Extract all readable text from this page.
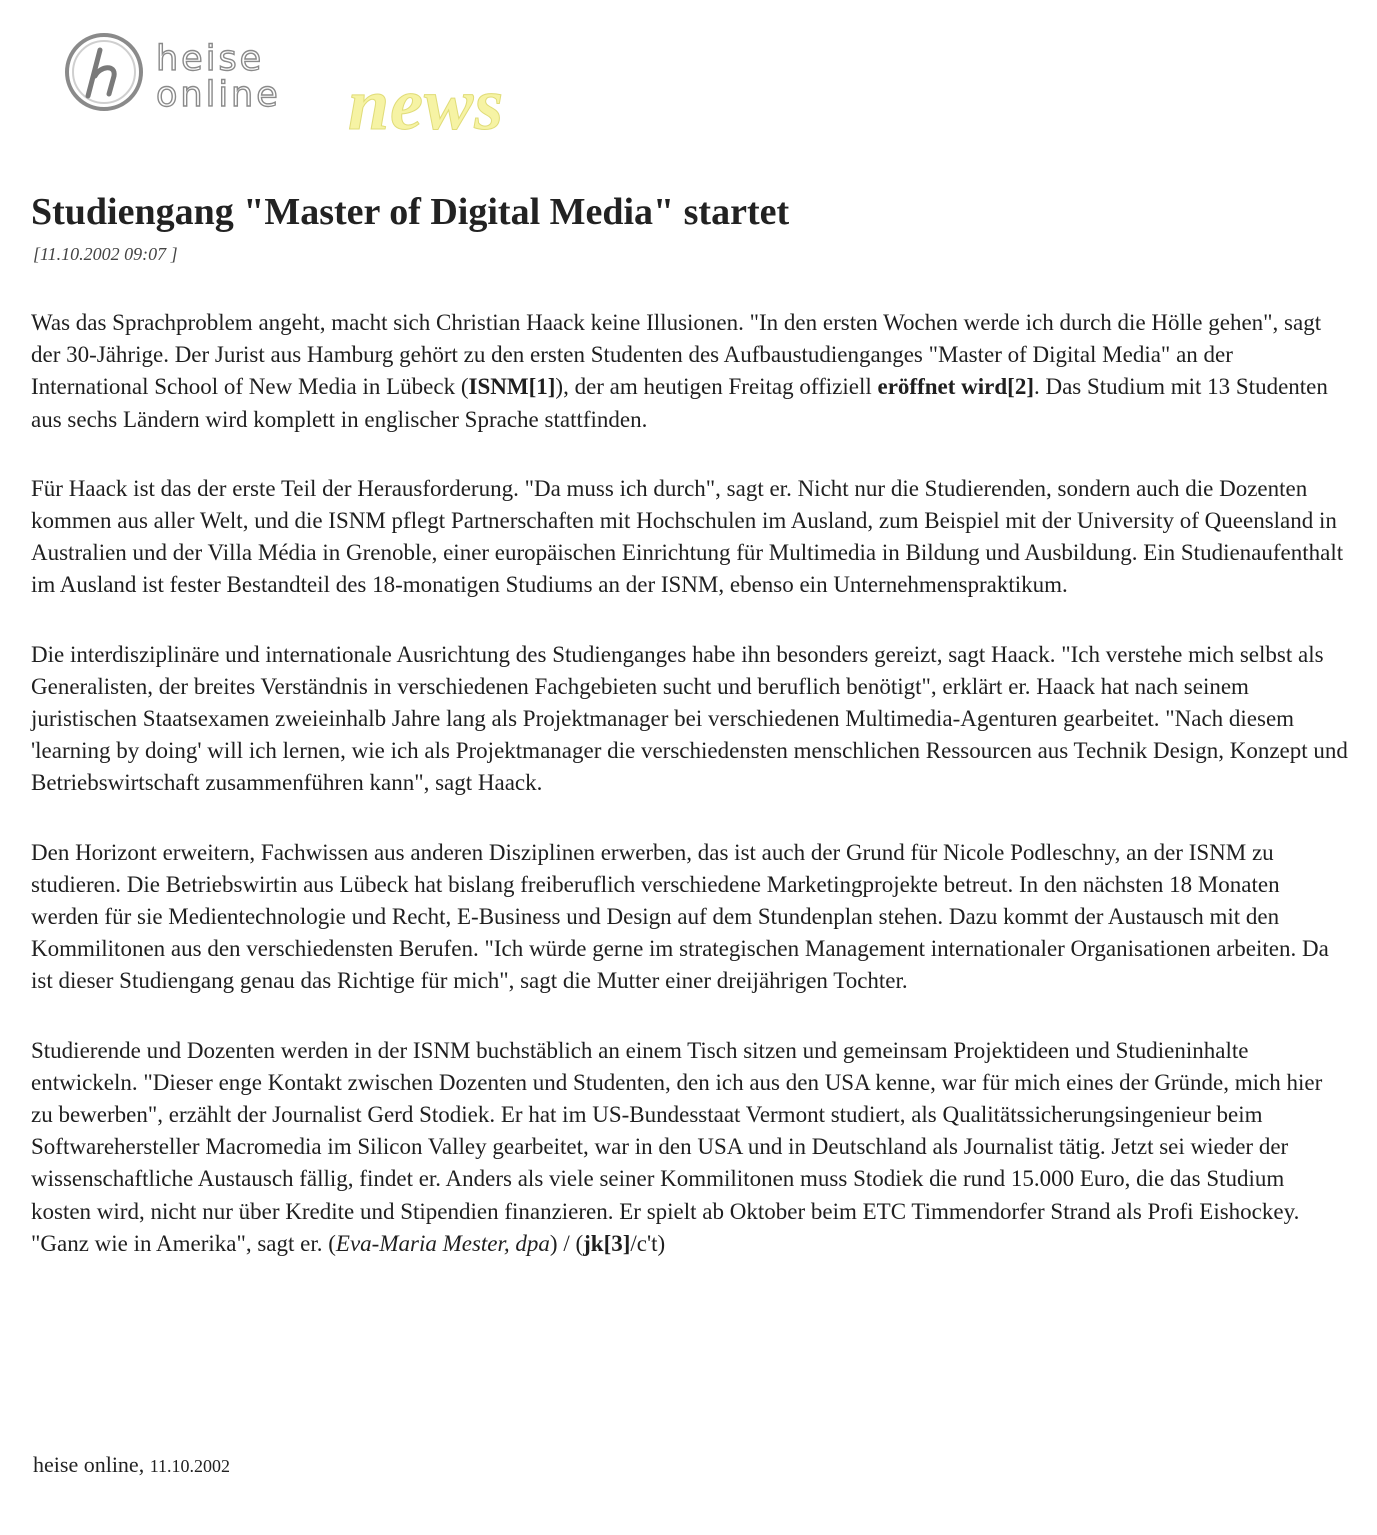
heise
online news
Studiengang "Master of Digital Media" startet
[11.10.2002 09:07 ]

Was das Sprachproblem angeht, macht sich Christian Haack keine Illusionen. "In den ersten Wochen werde ich durch die Hölle gehen", sagt der 30-Jährige. Der Jurist aus Hamburg gehört zu den ersten Studenten des Aufbaustudienganges "Master of Digital Media" an der International School of New Media in Lübeck (ISNM[1]), der am heutigen Freitag offiziell eröffnet wird[2]. Das Studium mit 13 Studenten aus sechs Ländern wird komplett in englischer Sprache stattfinden.

Für Haack ist das der erste Teil der Herausforderung. "Da muss ich durch", sagt er. Nicht nur die Studierenden, sondern auch die Dozenten kommen aus aller Welt, und die ISNM pflegt Partnerschaften mit Hochschulen im Ausland, zum Beispiel mit der University of Queensland in Australien und der Villa Média in Grenoble, einer europäischen Einrichtung für Multimedia in Bildung und Ausbildung. Ein Studienaufenthalt im Ausland ist fester Bestandteil des 18-monatigen Studiums an der ISNM, ebenso ein Unternehmenspraktikum.

Die interdisziplinäre und internationale Ausrichtung des Studienganges habe ihn besonders gereizt, sagt Haack. "Ich verstehe mich selbst als Generalisten, der breites Verständnis in verschiedenen Fachgebieten sucht und beruflich benötigt", erklärt er. Haack hat nach seinem juristischen Staatsexamen zweieinhalb Jahre lang als Projektmanager bei verschiedenen Multimedia-Agenturen gearbeitet. "Nach diesem 'learning by doing' will ich lernen, wie ich als Projektmanager die verschiedensten menschlichen Ressourcen aus Technik Design, Konzept und Betriebswirtschaft zusammenführen kann", sagt Haack.

Den Horizont erweitern, Fachwissen aus anderen Disziplinen erwerben, das ist auch der Grund für Nicole Podleschny, an der ISNM zu studieren. Die Betriebswirtin aus Lübeck hat bislang freiberuflich verschiedene Marketingprojekte betreut. In den nächsten 18 Monaten werden für sie Medientechnologie und Recht, E-Business und Design auf dem Stundenplan stehen. Dazu kommt der Austausch mit den Kommilitonen aus den verschiedensten Berufen. "Ich würde gerne im strategischen Management internationaler Organisationen arbeiten. Da ist dieser Studiengang genau das Richtige für mich", sagt die Mutter einer dreijährigen Tochter.

Studierende und Dozenten werden in der ISNM buchstäblich an einem Tisch sitzen und gemeinsam Projektideen und Studieninhalte entwickeln. "Dieser enge Kontakt zwischen Dozenten und Studenten, den ich aus den USA kenne, war für mich eines der Gründe, mich hier zu bewerben", erzählt der Journalist Gerd Stodiek. Er hat im US-Bundesstaat Vermont studiert, als Qualitätssicherungsingenieur beim Softwarehersteller Macromedia im Silicon Valley gearbeitet, war in den USA und in Deutschland als Journalist tätig. Jetzt sei wieder der wissenschaftliche Austausch fällig, findet er. Anders als viele seiner Kommilitonen muss Stodiek die rund 15.000 Euro, die das Studium kosten wird, nicht nur über Kredite und Stipendien finanzieren. Er spielt ab Oktober beim ETC Timmendorfer Strand als Profi Eishockey. "Ganz wie in Amerika", sagt er. (Eva-Maria Mester, dpa) / (jk[3]/c't)

heise online, 11.10.2002
